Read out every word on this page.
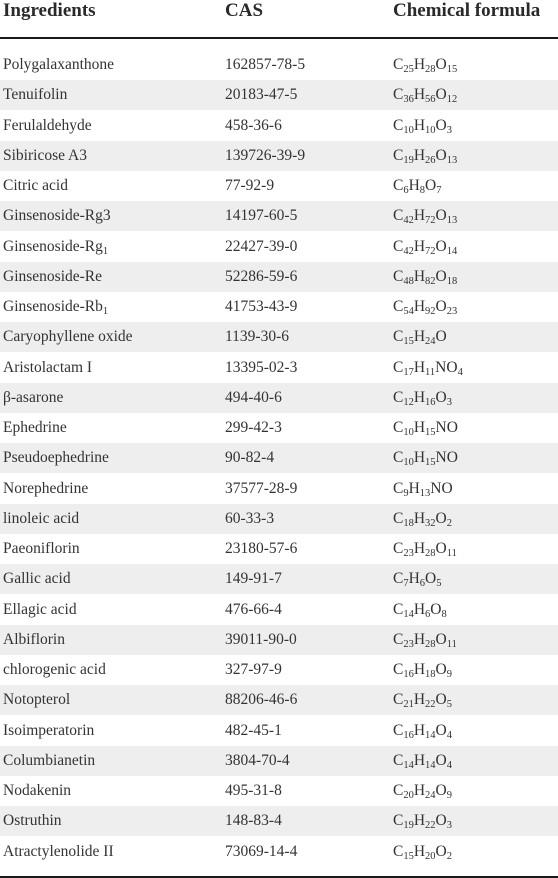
Ingredients	CAS	Chemical formula
Polygalaxanthone	162857-78-5	$C_{25}H_{28}O_{15}$
Tenuifolin	20183-47-5	$C_{36}H_{56}O_{12}$
Ferulaldehyde	458-36-6	$C_{10}H_{10}O_3$
Sibiricose A3	139726-39-9	$C_{19}H_{26}O_{13}$
Citric acid	77-92-9	$C_6H_8O_7$
Ginsenoside-Rg3	14197-60-5	$C_{42}H_{72}O_{13}$
Ginsenoside-$Rg_1$	22427-39-0	$C_{42}H_{72}O_{14}$
Ginsenoside-Re	52286-59-6	$C_{48}H_{82}O_{18}$
Ginsenoside-$Rb_1$	41753-43-9	$C_{54}H_{92}O_{23}$
Caryophyllene oxide	1139-30-6	$C_{15}H_{24}O$
Aristolactam I	13395-02-3	$C_{17}H_{11}NO_4$
β-asarone	494-40-6	$C_{12}H_{16}O_3$
Ephedrine	299-42-3	$C_{10}H_{15}NO$
Pseudoephedrine	90-82-4	$C_{10}H_{15}NO$
Norephedrine	37577-28-9	$C_9H_{13}NO$
linoleic acid	60-33-3	$C_{18}H_{32}O_2$
Paeoniflorin	23180-57-6	$C_{23}H_{28}O_{11}$
Gallic acid	149-91-7	$C_7H_6O_5$
Ellagic acid	476-66-4	$C_{14}H_6O_8$
Albiflorin	39011-90-0	$C_{23}H_{28}O_{11}$
chlorogenic acid	327-97-9	$C_{16}H_{18}O_9$
Notopterol	88206-46-6	$C_{21}H_{22}O_5$
Isoimperatorin	482-45-1	$C_{16}H_{14}O_4$
Columbianetin	3804-70-4	$C_{14}H_{14}O_4$
Nodakenin	495-31-8	$C_{20}H_{24}O_9$
Ostruthin	148-83-4	$C_{19}H_{22}O_3$
Atractylenolide II	73069-14-4	$C_{15}H_{20}O_2$
